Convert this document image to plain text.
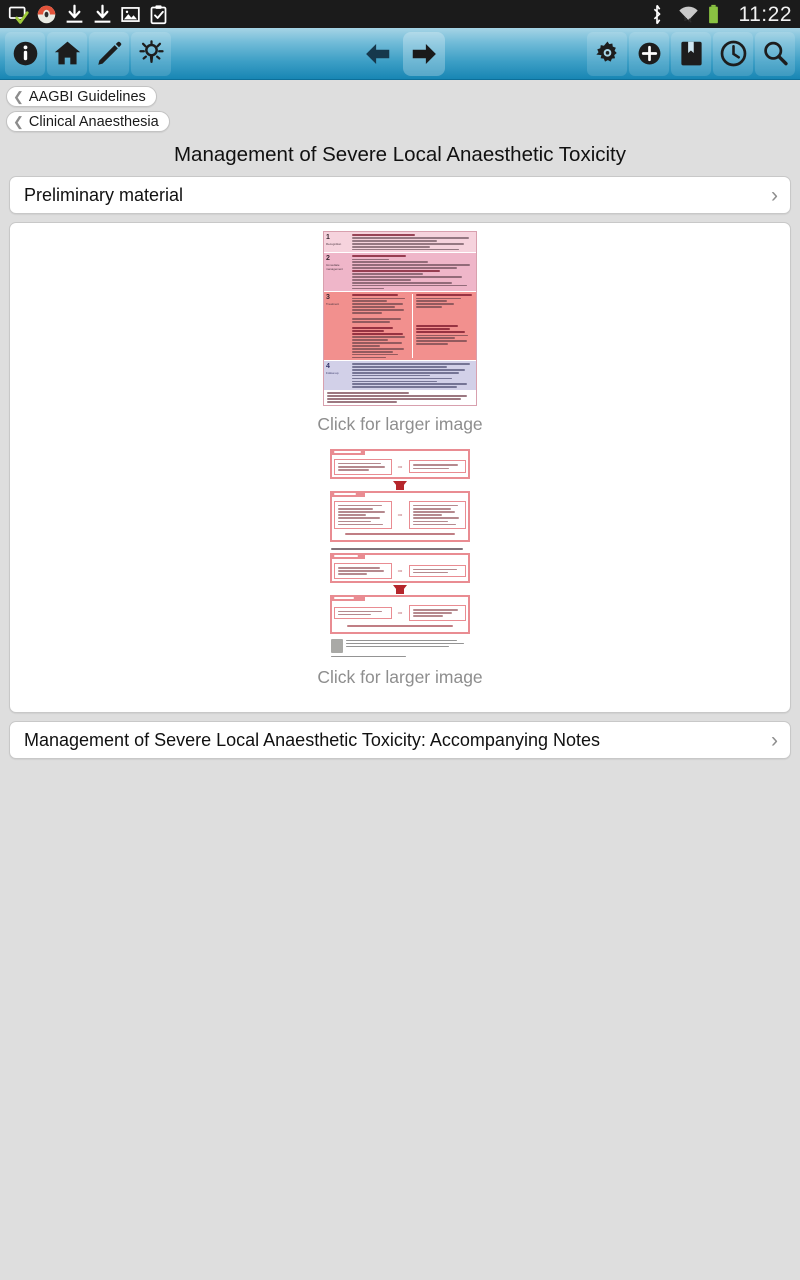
11:22
❮ AAGBI Guidelines
❮ Clinical Anaesthesia
Management of Severe Local Anaesthetic Toxicity
Preliminary material	›
1
Recognition
2
Immediate management
3
Treatment
4
Follow-up
Click for larger image
OR
OR
OR
OR
Click for larger image
Management of Severe Local Anaesthetic Toxicity: Accompanying Notes	›
